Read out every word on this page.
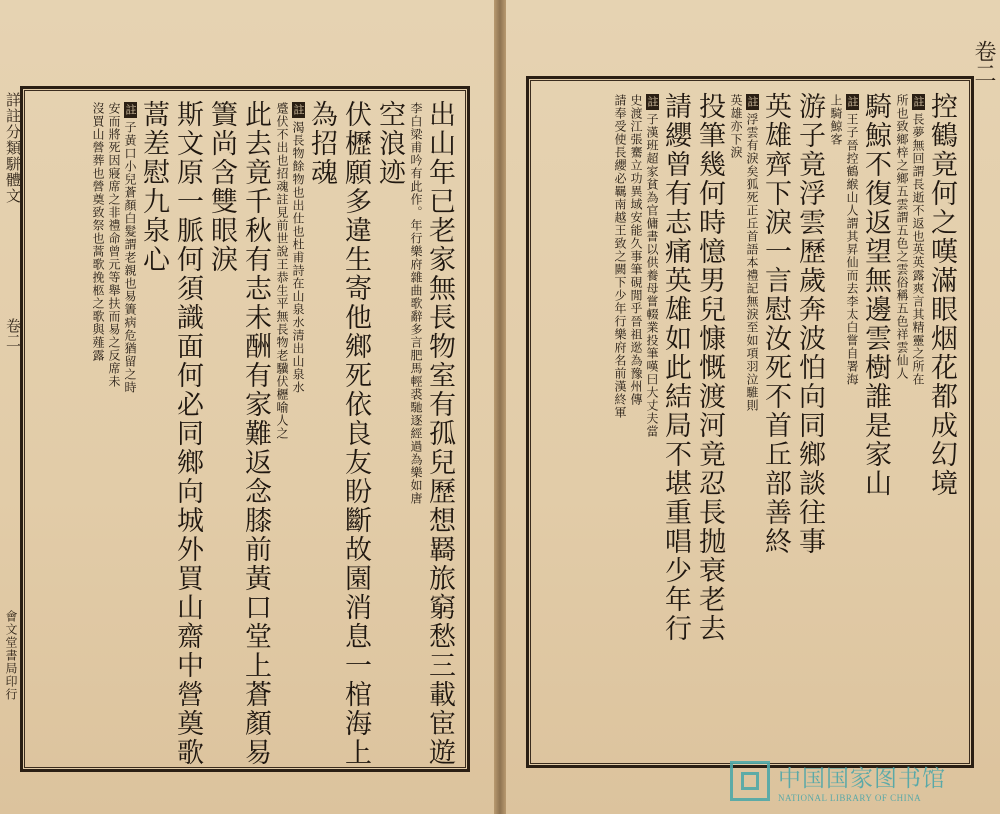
詳註分類駢體文
卷二
會文堂書局印行
卷二
出山年已老家無長物室有孤兒歷想羇旅窮愁三載宦遊
李白梁甫吟有此作。年行樂府雜曲歌辭多言肥馬輕裘馳逐經過為樂如唐
空浪迹
伏櫪願多違生寄他鄉死依良友盼斷故園消息一棺海上
為招魂
註渴長物餘物也出仕也杜甫詩在山泉水清出山泉水
蹙伏不出也招魂註見前世說王恭生平無長物老驥伏櫪喻人之
此去竟千秋有志未酬有家難返念膝前黃口堂上蒼顏易
簀尚含雙眼淚
斯文原一脈何須識面何必同鄉向城外買山齋中營奠歌
蒿差慰九泉心
註子黃口小兒蒼顏白髮謂老親也易簀病危猶留之時
安而將死因寢席之非禮命曾元等舉扶而易之反席未
沒買山營葬也營奠致祭也蒿歌挽柩之歌與薤露	控鶴竟何之嘆滿眼烟花都成幻境
註長夢無回謂長逝不返也英英露爽言其精靈之所在
所也致鄉梓之鄉五雲謂五色之雲俗稱五色祥雲仙人
騎鯨不復返望無邊雲樹誰是家山
註王子晉控鶴緱山人謂其昇仙而去李太白嘗自署海
上騎鯨客
游子竟浮雲歷歲奔波怕向同鄉談往事
英雄齊下淚一言慰汝死不首丘部善終
註浮雲有淚矣狐死正丘首語本禮記無淚至如項羽泣騅則
英雄亦下淚
投筆幾何時憶男兒慷慨渡河竟忍長抛衰老去
請纓曾有志痛英雄如此結局不堪重唱少年行
註子漢班超家貧為官傭書以供養母嘗輟業投筆嘆曰大丈夫當
史渡江張騫立功異域安能久事筆硯閒乎晉祖逖為豫州傳
請奉受使長纓必羈南越王致之闕下少年行樂府名前漢終軍
中国国家图书馆
NATIONAL LIBRARY OF CHINA
